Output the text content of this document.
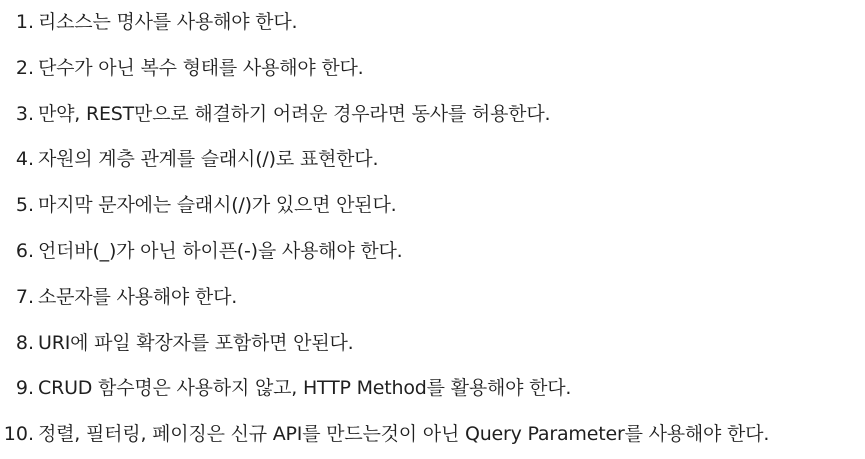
1. 리소스는 명사를 사용해야 한다.
2. 단수가 아닌 복수 형태를 사용해야 한다.
3. 만약, REST만으로 해결하기 어려운 경우라면 동사를 허용한다.
4. 자원의 계층 관계를 슬래시(/)로 표현한다.
5. 마지막 문자에는 슬래시(/)가 있으면 안된다.
6. 언더바(_)가 아닌 하이픈(-)을 사용해야 한다.
7. 소문자를 사용해야 한다.
8. URI에 파일 확장자를 포함하면 안된다.
9. CRUD 함수명은 사용하지 않고, HTTP Method를 활용해야 한다.
10. 정렬, 필터링, 페이징은 신규 API를 만드는것이 아닌 Query Parameter를 사용해야 한다.
